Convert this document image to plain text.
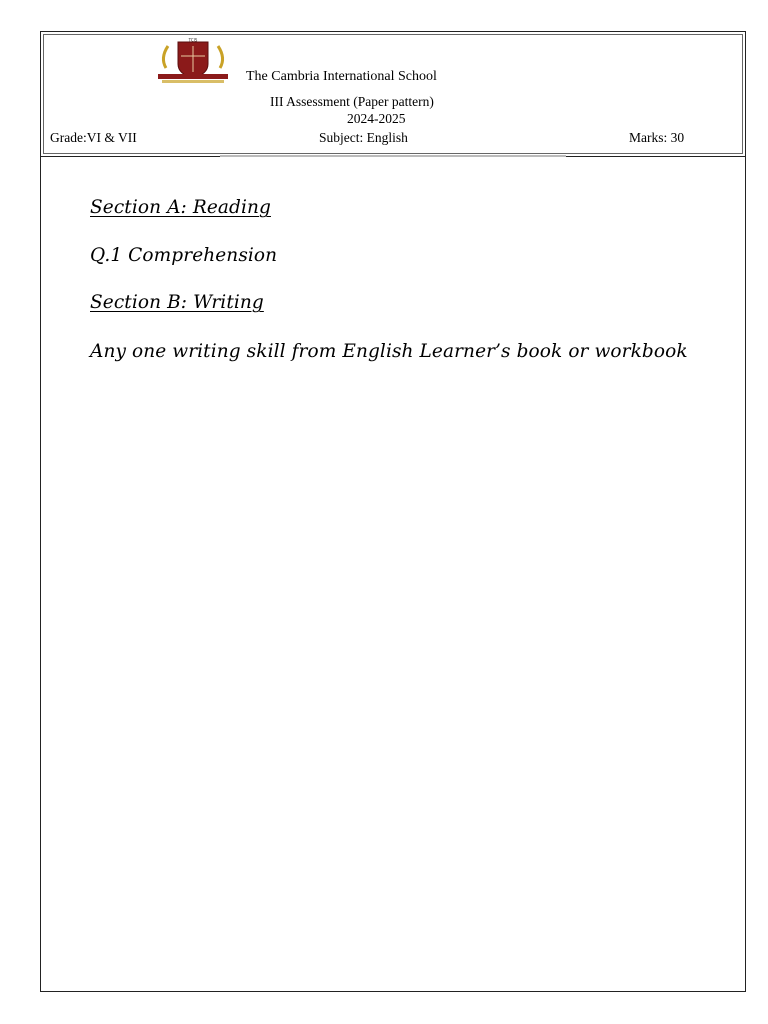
TCIS
The Cambria International School
III Assessment (Paper pattern)
2024-2025
Grade:VI & VII	Subject: English	Marks: 30
Section A: Reading
Q.1 Comprehension
Section B: Writing
Any one writing skill from English Learner’s book or workbook
